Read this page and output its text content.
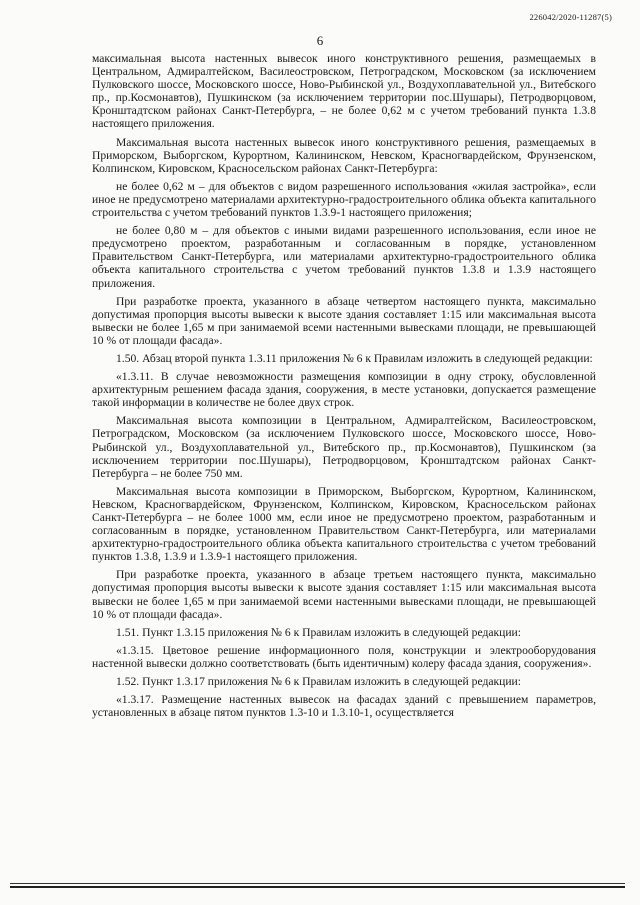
226042/2020-11287(5)
6

максимальная высота настенных вывесок иного конструктивного решения, размещаемых в Центральном, Адмиралтейском, Василеостровском, Петроградском, Московском (за исключением Пулковского шоссе, Московского шоссе, Ново-Рыбинской ул., Воздухоплавательной ул., Витебского пр., пр.Космонавтов), Пушкинском (за исключением территории пос.Шушары), Петродворцовом, Кронштадтском районах Санкт-Петербурга, – не более 0,62 м с учетом требований пункта 1.3.8 настоящего приложения.

Максимальная высота настенных вывесок иного конструктивного решения, размещаемых в Приморском, Выборгском, Курортном, Калининском, Невском, Красногвардейском, Фрунзенском, Колпинском, Кировском, Красносельском районах Санкт-Петербурга:

не более 0,62 м – для объектов с видом разрешенного использования «жилая застройка», если иное не предусмотрено материалами архитектурно-градостроительного облика объекта капитального строительства с учетом требований пунктов 1.3.9-1 настоящего приложения;

не более 0,80 м – для объектов с иными видами разрешенного использования, если иное не предусмотрено проектом, разработанным и согласованным в порядке, установленном Правительством Санкт-Петербурга, или материалами архитектурно-градостроительного облика объекта капитального строительства с учетом требований пунктов 1.3.8 и 1.3.9 настоящего приложения.

При разработке проекта, указанного в абзаце четвертом настоящего пункта, максимально допустимая пропорция высоты вывески к высоте здания составляет 1:15 или максимальная высота вывески не более 1,65 м при занимаемой всеми настенными вывесками площади, не превышающей 10 % от площади фасада».

1.50. Абзац второй пункта 1.3.11 приложения № 6 к Правилам изложить в следующей редакции:

«1.3.11. В случае невозможности размещения композиции в одну строку, обусловленной архитектурным решением фасада здания, сооружения, в месте установки, допускается размещение такой информации в количестве не более двух строк.

Максимальная высота композиции в Центральном, Адмиралтейском, Василеостровском, Петроградском, Московском (за исключением Пулковского шоссе, Московского шоссе, Ново-Рыбинской ул., Воздухоплавательной ул., Витебского пр., пр.Космонавтов), Пушкинском (за исключением территории пос.Шушары), Петродворцовом, Кронштадтском районах Санкт-Петербурга – не более 750 мм.

Максимальная высота композиции в Приморском, Выборгском, Курортном, Калининском, Невском, Красногвардейском, Фрунзенском, Колпинском, Кировском, Красносельском районах Санкт-Петербурга – не более 1000 мм, если иное не предусмотрено проектом, разработанным и согласованным в порядке, установленном Правительством Санкт-Петербурга, или материалами архитектурно-градостроительного облика объекта капитального строительства с учетом требований пунктов 1.3.8, 1.3.9 и 1.3.9-1 настоящего приложения.

При разработке проекта, указанного в абзаце третьем настоящего пункта, максимально допустимая пропорция высоты вывески к высоте здания составляет 1:15 или максимальная высота вывески не более 1,65 м при занимаемой всеми настенными вывесками площади, не превышающей 10 % от площади фасада».

1.51. Пункт 1.3.15 приложения № 6 к Правилам изложить в следующей редакции:

«1.3.15. Цветовое решение информационного поля, конструкции и электрооборудования настенной вывески должно соответствовать (быть идентичным) колеру фасада здания, сооружения».

1.52. Пункт 1.3.17 приложения № 6 к Правилам изложить в следующей редакции:

«1.3.17. Размещение настенных вывесок на фасадах зданий с превышением параметров, установленных в абзаце пятом пунктов 1.3-10 и 1.3.10-1, осуществляется
